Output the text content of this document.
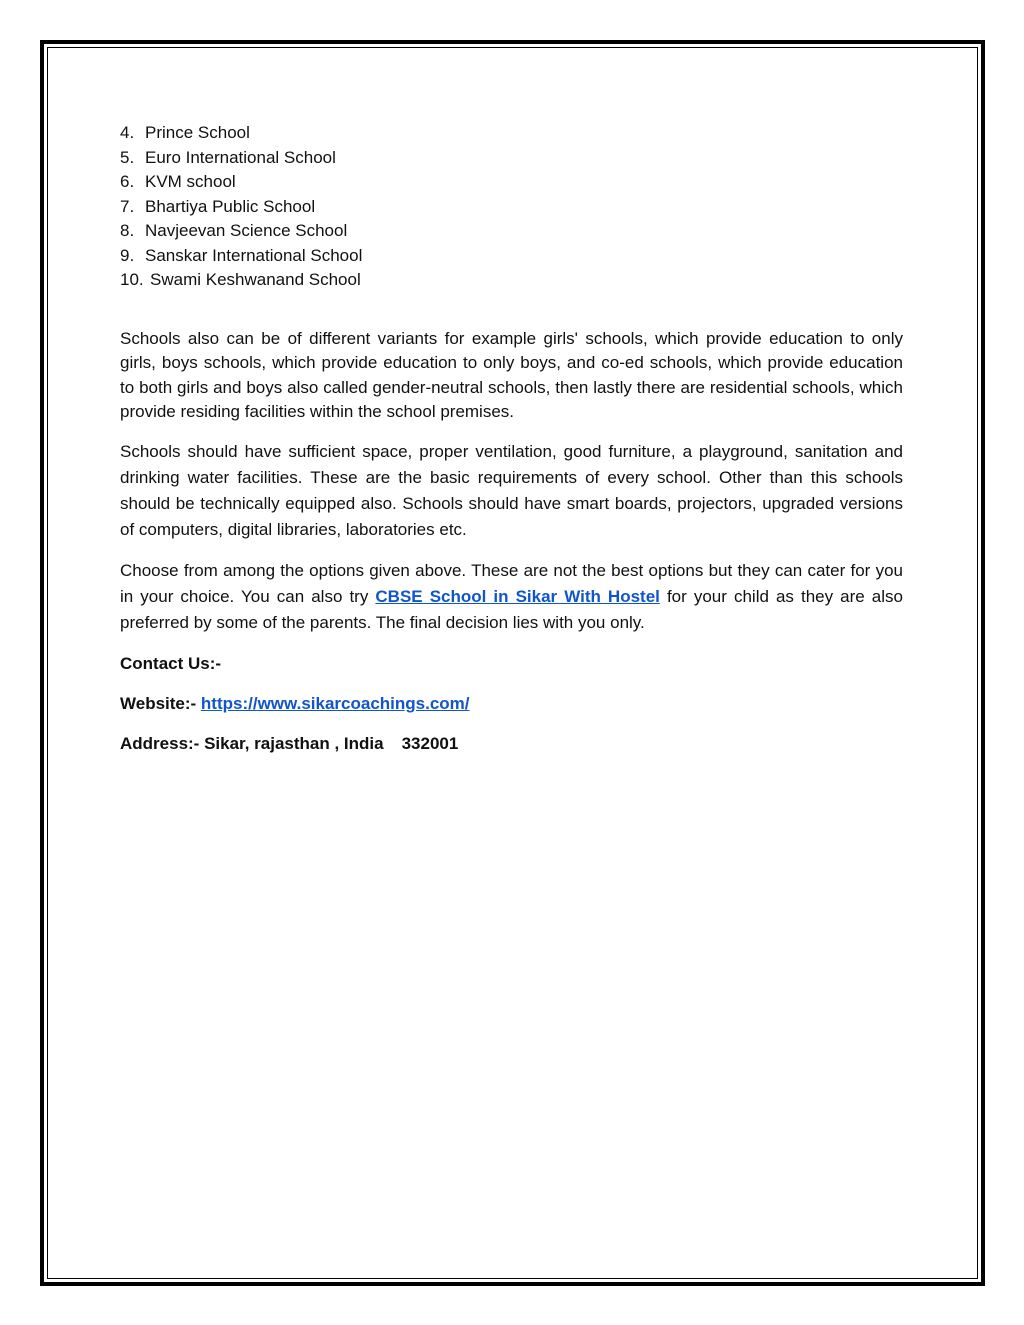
4. Prince School
5. Euro International School
6. KVM school
7. Bhartiya Public School
8. Navjeevan Science School
9. Sanskar International School
10. Swami Keshwanand School

Schools also can be of different variants for example girls' schools, which provide education to only girls, boys schools, which provide education to only boys, and co-ed schools, which provide education to both girls and boys also called gender-neutral schools, then lastly there are residential schools, which provide residing facilities within the school premises.

Schools should have sufficient space, proper ventilation, good furniture, a playground, sanitation and drinking water facilities. These are the basic requirements of every school. Other than this schools should be technically equipped also. Schools should have smart boards, projectors, upgraded versions of computers, digital libraries, laboratories etc.

Choose from among the options given above. These are not the best options but they can cater for you in your choice. You can also try CBSE School in Sikar With Hostel for your child as they are also preferred by some of the parents. The final decision lies with you only.

Contact Us:-

Website:- https://www.sikarcoachings.com/

Address:- Sikar, rajasthan , India 332001
